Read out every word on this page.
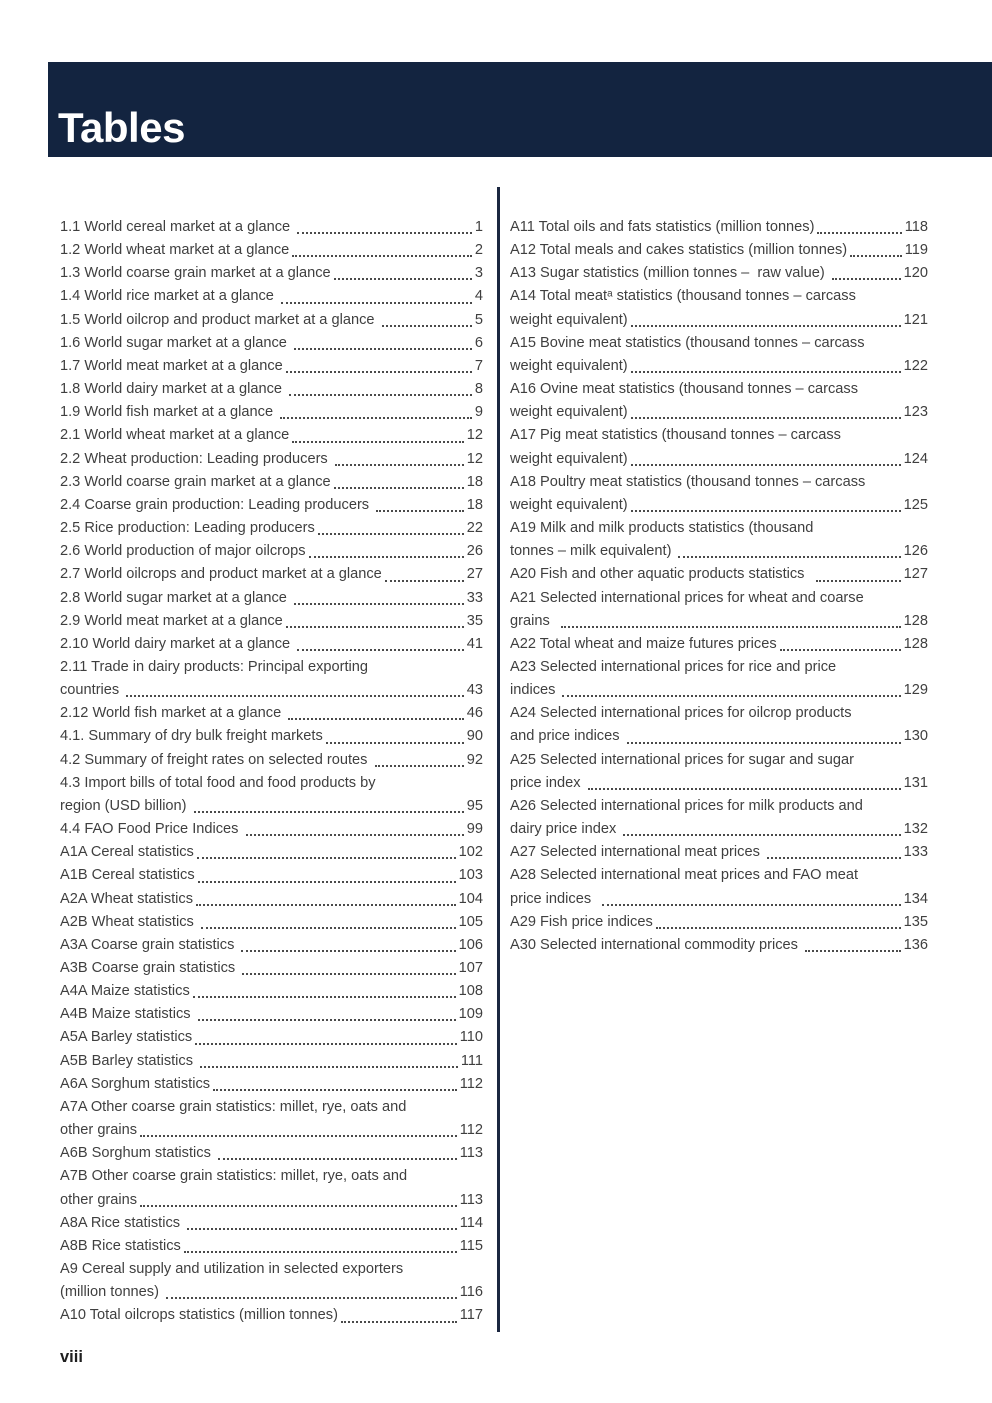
Tables
1.1 World cereal market at a glance	1
1.2 World wheat market at a glance	2
1.3 World coarse grain market at a glance	3
1.4 World rice market at a glance	4
1.5 World oilcrop and product market at a glance	5
1.6 World sugar market at a glance	6
1.7 World meat market at a glance	7
1.8 World dairy market at a glance	8
1.9 World fish market at a glance	9
2.1 World wheat market at a glance	12
2.2 Wheat production: Leading producers	12
2.3 World coarse grain market at a glance	18
2.4 Coarse grain production: Leading producers	18
2.5 Rice production: Leading producers	22
2.6 World production of major oilcrops	26
2.7 World oilcrops and product market at a glance	27
2.8 World sugar market at a glance	33
2.9 World meat market at a glance	35
2.10 World dairy market at a glance	41
2.11 Trade in dairy products: Principal exporting
countries	43
2.12 World fish market at a glance	46
4.1. Summary of dry bulk freight markets	90
4.2 Summary of freight rates on selected routes	92
4.3 Import bills of total food and food products by
region (USD billion)	95
4.4 FAO Food Price Indices	99
A1A Cereal statistics	102
A1B Cereal statistics	103
A2A Wheat statistics	104
A2B Wheat statistics	105
A3A Coarse grain statistics	106
A3B Coarse grain statistics	107
A4A Maize statistics	108
A4B Maize statistics	109
A5A Barley statistics	110
A5B Barley statistics	111
A6A Sorghum statistics	112
A7A Other coarse grain statistics: millet, rye, oats and
other grains	112
A6B Sorghum statistics	113
A7B Other coarse grain statistics: millet, rye, oats and
other grains	113
A8A Rice statistics	114
A8B Rice statistics	115
A9 Cereal supply and utilization in selected exporters
(million tonnes)	116
A10 Total oilcrops statistics (million tonnes)	117
A11 Total oils and fats statistics (million tonnes)	118
A12 Total meals and cakes statistics (million tonnes)	119
A13 Sugar statistics (million tonnes –  raw value)	120
A14 Total meatᵃ statistics (thousand tonnes – carcass
weight equivalent)	121
A15 Bovine meat statistics (thousand tonnes – carcass
weight equivalent)	122
A16 Ovine meat statistics (thousand tonnes – carcass
weight equivalent)	123
A17 Pig meat statistics (thousand tonnes – carcass
weight equivalent)	124
A18 Poultry meat statistics (thousand tonnes – carcass
weight equivalent)	125
A19 Milk and milk products statistics (thousand
tonnes – milk equivalent)	126
A20 Fish and other aquatic products statistics	127
A21 Selected international prices for wheat and coarse
grains	128
A22 Total wheat and maize futures prices	128
A23 Selected international prices for rice and price
indices	129
A24 Selected international prices for oilcrop products
and price indices	130
A25 Selected international prices for sugar and sugar
price index	131
A26 Selected international prices for milk products and
dairy price index	132
A27 Selected international meat prices	133
A28 Selected international meat prices and FAO meat
price indices	134
A29 Fish price indices	135
A30 Selected international commodity prices	136
viii
